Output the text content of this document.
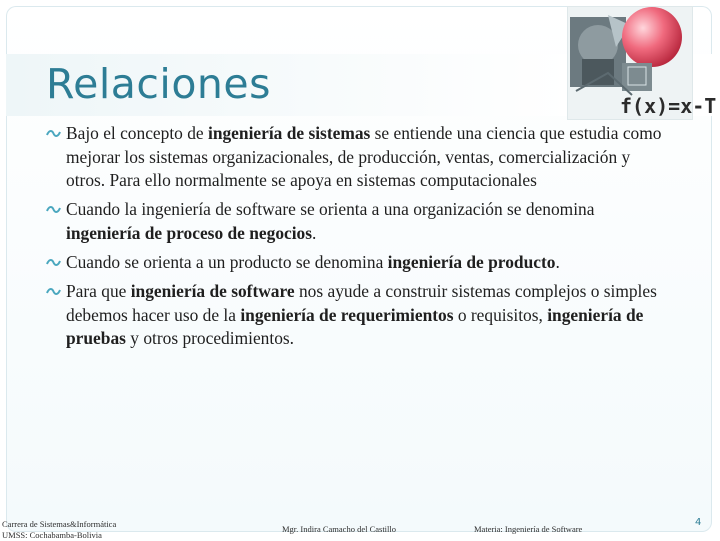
f(x)=x-T
Relaciones
Bajo el concepto de ingeniería de sistemas se entiende una ciencia que estudia como mejorar los sistemas organizacionales, de producción, ventas, comercialización y otros. Para ello normalmente se apoya en sistemas computacionales
Cuando la ingeniería de software se orienta a una organización se denomina ingeniería de proceso de negocios.
Cuando se orienta a un producto se denomina ingeniería de producto.
Para que ingeniería de software nos ayude a construir sistemas complejos o simples debemos hacer uso de la ingeniería de requerimientos o requisitos, ingeniería de pruebas y otros procedimientos.
Carrera de Sistemas&Informática
UMSS: Cochabamba-Bolivia
Mgr. Indira Camacho del Castillo	Materia: Ingeniería de Software
4
